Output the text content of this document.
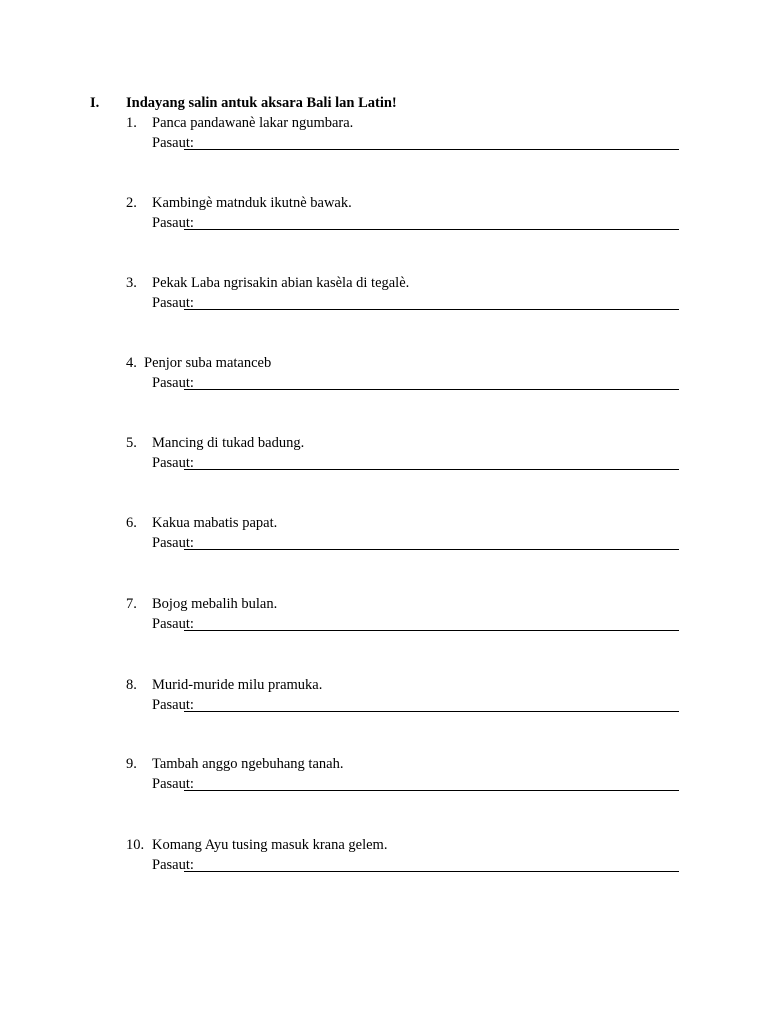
I. Indayang salin antuk aksara Bali lan Latin!
1. Panca pandawanè lakar ngumbara.
Pasaut:
2. Kambingè matnduk ikutnè bawak.
Pasaut:
3. Pekak Laba ngrisakin abian kasèla di tegalè.
Pasaut:
4. Penjor suba matanceb
Pasaut:
5. Mancing di tukad badung.
Pasaut:
6. Kakua mabatis papat.
Pasaut:
7. Bojog mebalih bulan.
Pasaut:
8. Murid-muride milu pramuka.
Pasaut:
9. Tambah anggo ngebuhang tanah.
Pasaut:
10. Komang Ayu tusing masuk krana gelem.
Pasaut:
